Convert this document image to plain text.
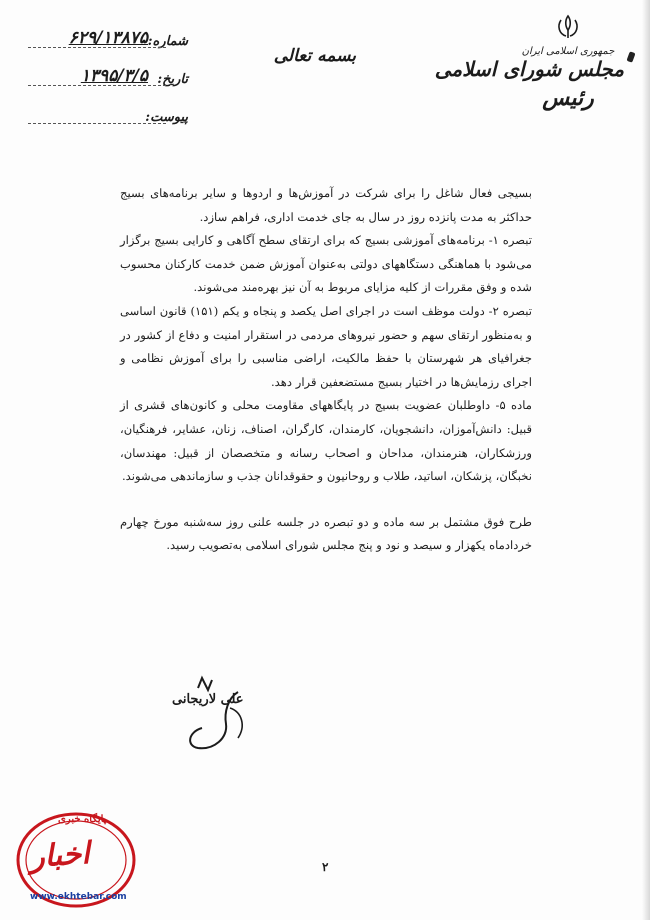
شماره:
۶۲۹/۱۳۸۷۵
تاریخ:
۱۳۹۵/۳/۵
پیوست:
بسمه تعالی	جمهوری اسلامی ایران
مجلس شورای اسلامی
رئیس

بسیجی فعال شاغل را برای شرکت در آموزش‌ها و اردوها و سایر برنامه‌های بسیج حداکثر به مدت پانزده روز در سال به جای خدمت اداری، فراهم سازد.

تبصره ۱- برنامه‌های آموزشی بسیج که برای ارتقای سطح آگاهی و کارایی بسیج برگزار می‌شود با هماهنگی دستگاههای دولتی به‌عنوان آموزش ضمن خدمت کارکنان محسوب شده و وفق مقررات از کلیه مزایای مربوط به آن نیز بهره‌مند می‌شوند.

تبصره ۲- دولت موظف است در اجرای اصل یکصد و پنجاه و یکم (۱۵۱) قانون اساسی و به‌منظور ارتقای سهم و حضور نیروهای مردمی در استقرار امنیت و دفاع از کشور در جغرافیای هر شهرستان با حفظ مالکیت، اراضی مناسبی را برای آموزش نظامی و اجرای رزمایش‌ها در اختیار بسیج مستضعفین قرار دهد.

ماده ۵- داوطلبان عضویت بسیج در پایگاههای مقاومت محلی و کانون‌های قشری از قبیل: دانش‌آموزان، دانشجویان، کارمندان، کارگران، اصناف، زنان، عشایر، فرهنگیان، ورزشکاران، هنرمندان، مداحان و اصحاب رسانه و متخصصان از قبیل: مهندسان، نخبگان، پزشکان، اساتید، طلاب و روحانیون و حقوقدانان جذب و سازماندهی می‌شوند.

طرح فوق مشتمل بر سه ماده و دو تبصره در جلسه علنی روز سه‌شنبه مورخ چهارم خردادماه یکهزار و سیصد و نود و پنج مجلس شورای اسلامی به‌تصویب رسید.

علی لاریجانی
۲
پایگاه خبری
اخبار
www.ekhtebar.com
